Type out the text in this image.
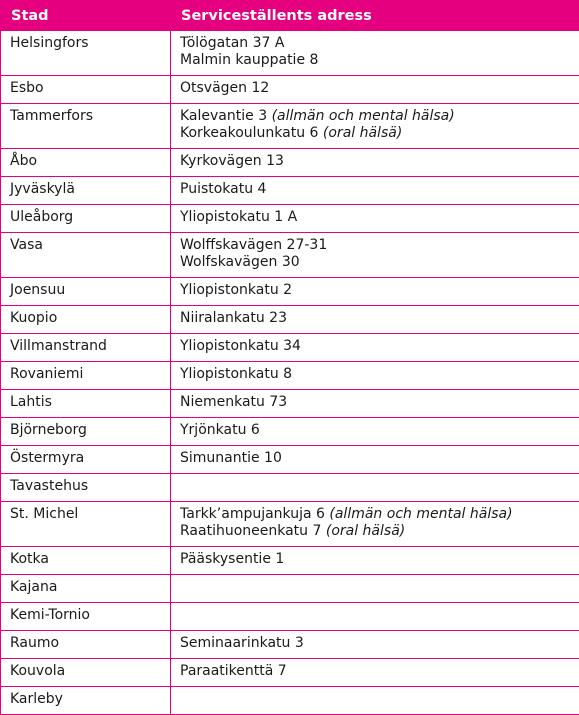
Stad	Serviceställents adress
Helsingfors	Tölögatan 37 A
Malmin kauppatie 8

Esbo	Otsvägen 12

Tammerfors	Kalevantie 3 (allmän och mental hälsa)
Korkeakoulunkatu 6 (oral hälsä)

Åbo	Kyrkovägen 13

Jyväskylä	Puistokatu 4

Uleåborg	Yliopistokatu 1 A

Vasa	Wolffskavägen 27-31
Wolfskavägen 30

Joensuu	Yliopistonkatu 2

Kuopio	Niiralankatu 23

Villmanstrand	Yliopistonkatu 34

Rovaniemi	Yliopistonkatu 8

Lahtis	Niemenkatu 73

Björneborg	Yrjönkatu 6

Östermyra	Simunantie 10

Tavastehus	
St. Michel	Tarkk’ampujankuja 6 (allmän och mental hälsa)
Raatihuoneenkatu 7 (oral hälsä)

Kotka	Pääskysentie 1

Kajana	
Kemi-Tornio	
Raumo	Seminaarinkatu 3

Kouvola	Paraatikenttä 7

Karleby	
